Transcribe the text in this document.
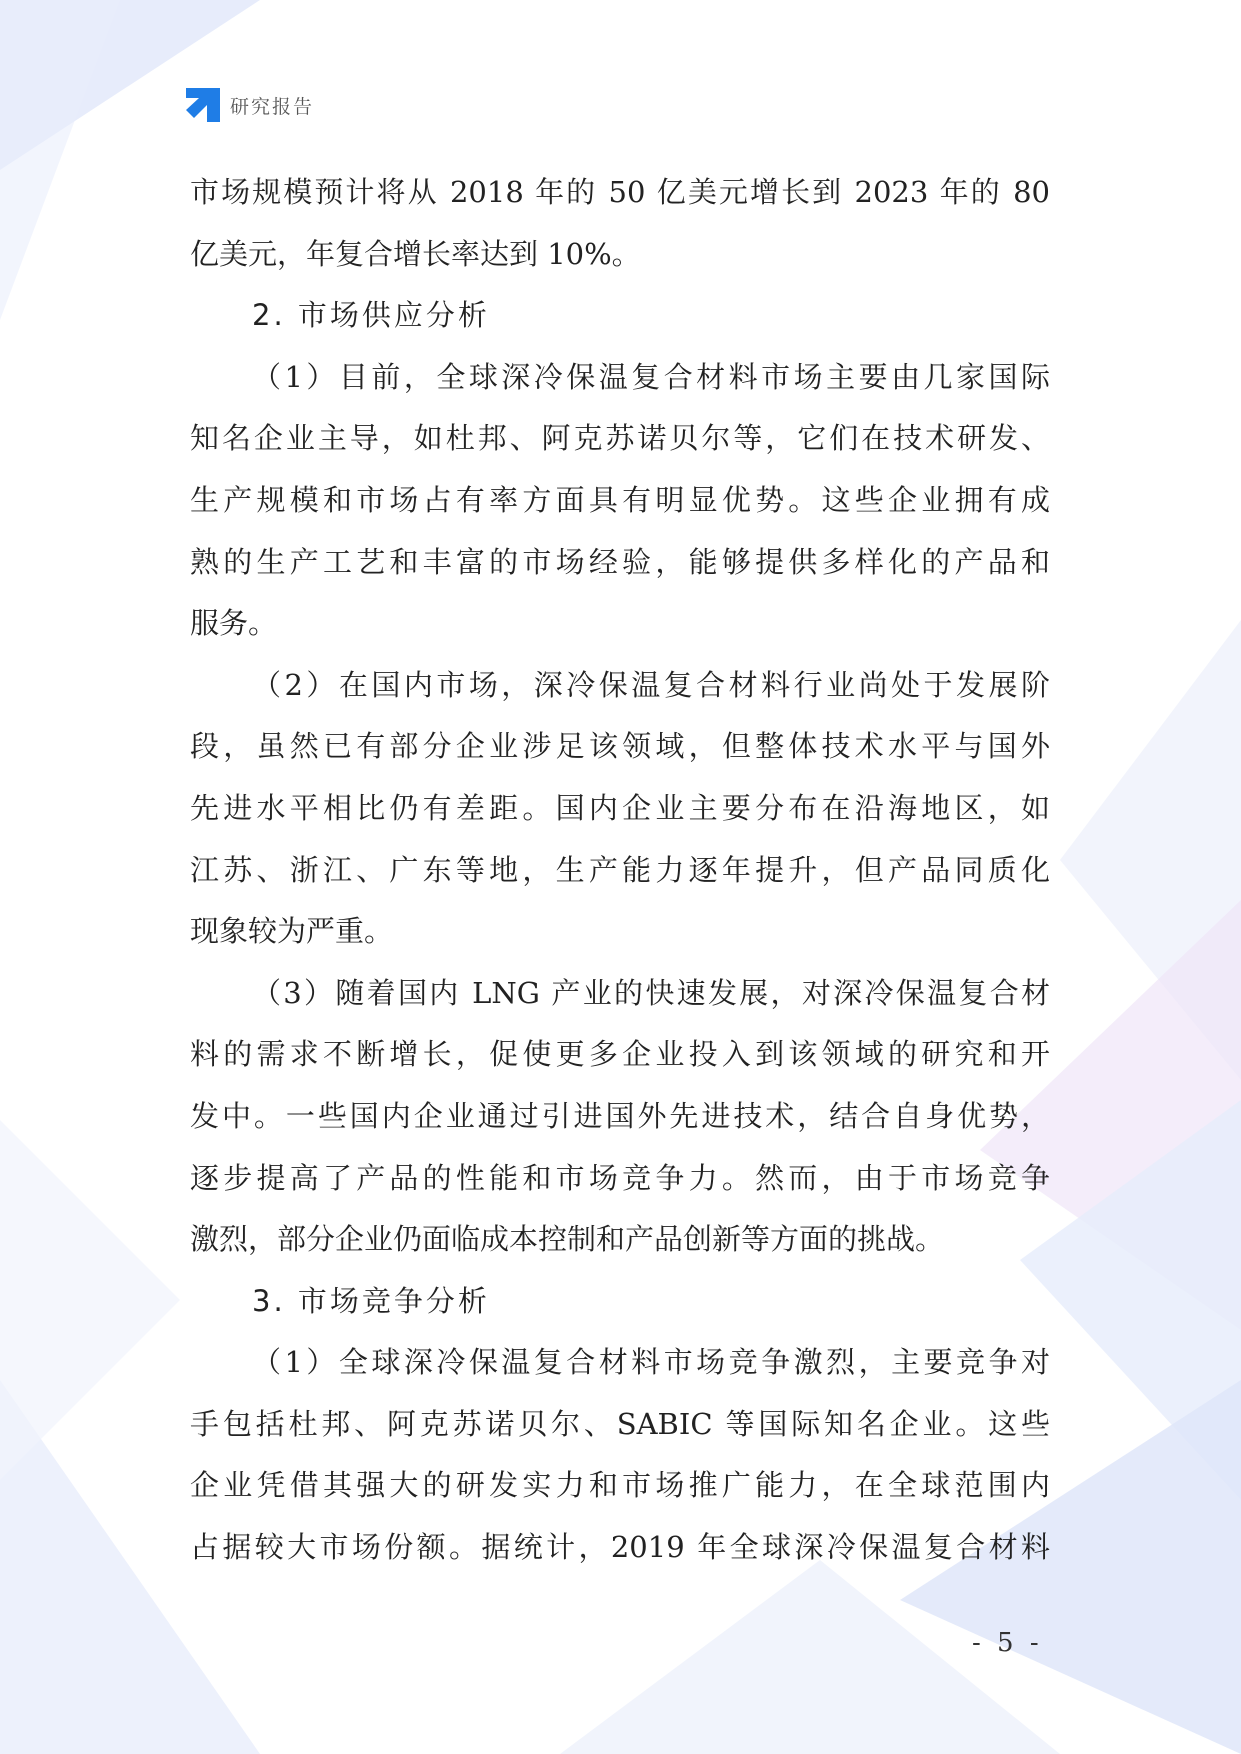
研究报告
市场规模预计将从 2018 年的 50 亿美元增长到 2023 年的 80
亿美元，年复合增长率达到 10%。
2. 市场供应分析
（1）目前，全球深冷保温复合材料市场主要由几家国际
知名企业主导，如杜邦、阿克苏诺贝尔等，它们在技术研发、
生产规模和市场占有率方面具有明显优势。这些企业拥有成
熟的生产工艺和丰富的市场经验，能够提供多样化的产品和
服务。
（2）在国内市场，深冷保温复合材料行业尚处于发展阶
段，虽然已有部分企业涉足该领域，但整体技术水平与国外
先进水平相比仍有差距。国内企业主要分布在沿海地区，如
江苏、浙江、广东等地，生产能力逐年提升，但产品同质化
现象较为严重。
（3）随着国内 LNG 产业的快速发展，对深冷保温复合材
料的需求不断增长，促使更多企业投入到该领域的研究和开
发中。一些国内企业通过引进国外先进技术，结合自身优势，
逐步提高了产品的性能和市场竞争力。然而，由于市场竞争
激烈，部分企业仍面临成本控制和产品创新等方面的挑战。
3. 市场竞争分析
（1）全球深冷保温复合材料市场竞争激烈，主要竞争对
手包括杜邦、阿克苏诺贝尔、SABIC 等国际知名企业。这些
企业凭借其强大的研发实力和市场推广能力，在全球范围内
占据较大市场份额。据统计，2019 年全球深冷保温复合材料
- 5 -
